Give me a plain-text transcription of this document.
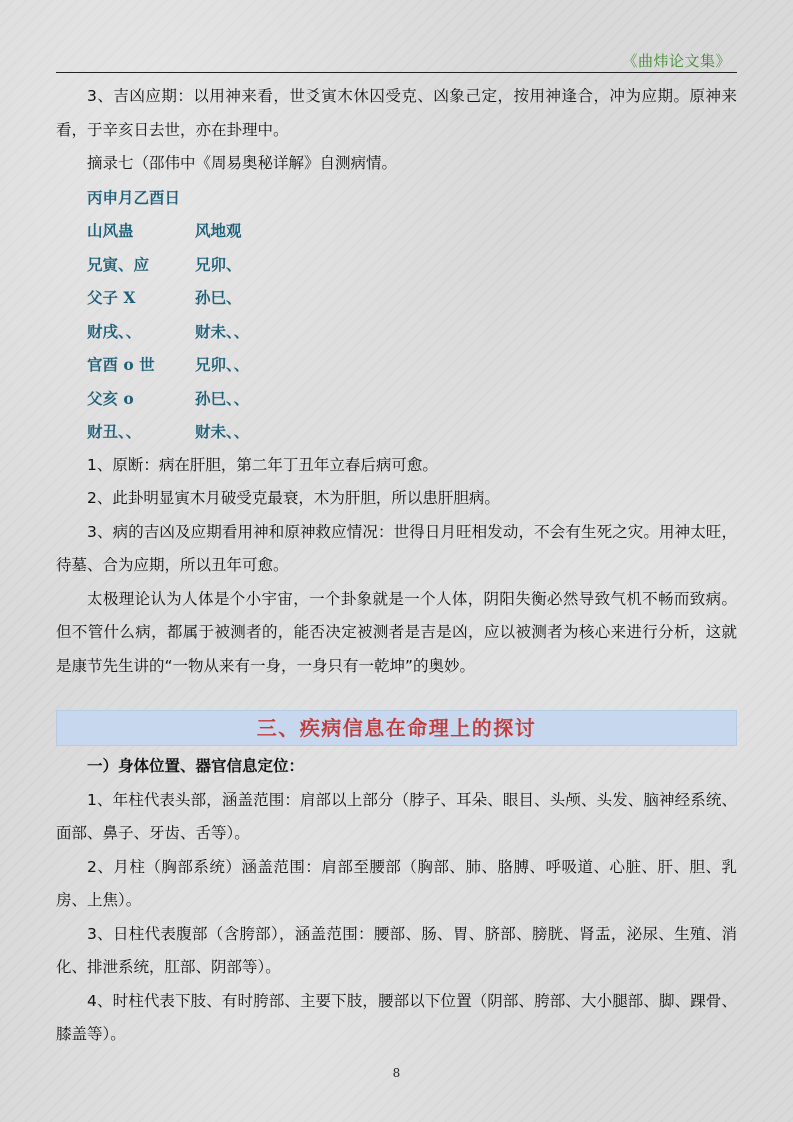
《曲炜论文集》

3、吉凶应期：以用神来看，世爻寅木休囚受克、凶象己定，按用神逢合，冲为应期。原神来看，于辛亥日去世，亦在卦理中。

摘录七（邵伟中《周易奥秘详解》自测病情。

丙申月乙酉日

山风蛊	风地观
兄寅、应	兄卯、
父子 X	孙巳、
财戌、、	财未、、
官酉 o 世	兄卯、、
父亥 o	孙巳、、
财丑、、	财未、、

1、原断：病在肝胆，第二年丁丑年立春后病可愈。

2、此卦明显寅木月破受克最衰，木为肝胆，所以患肝胆病。

3、病的吉凶及应期看用神和原神救应情况：世得日月旺相发动，不会有生死之灾。用神太旺，待墓、合为应期，所以丑年可愈。

太极理论认为人体是个小宇宙，一个卦象就是一个人体，阴阳失衡必然导致气机不畅而致病。但不管什么病，都属于被测者的，能否决定被测者是吉是凶，应以被测者为核心来进行分析，这就是康节先生讲的“一物从来有一身，一身只有一乾坤”的奥妙。

三、疾病信息在命理上的探讨

一）身体位置、器官信息定位：

1、年柱代表头部，涵盖范围：肩部以上部分（脖子、耳朵、眼目、头颅、头发、脑神经系统、面部、鼻子、牙齿、舌等）。

2、月柱（胸部系统）涵盖范围：肩部至腰部（胸部、肺、胳膊、呼吸道、心脏、肝、胆、乳房、上焦）。

3、日柱代表腹部（含胯部），涵盖范围：腰部、肠、胃、脐部、膀胱、肾盂，泌尿、生殖、消化、排泄系统，肛部、阴部等）。

4、时柱代表下肢、有时胯部、主要下肢，腰部以下位置（阴部、胯部、大小腿部、脚、踝骨、膝盖等）。

8
